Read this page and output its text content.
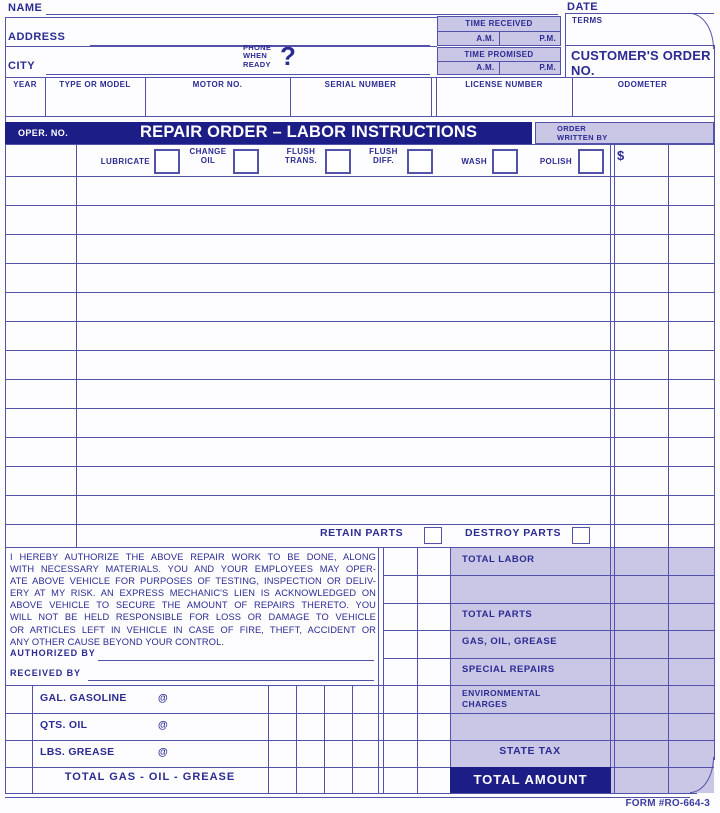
NAME	DATE
ADDRESS
CITY
PHONE
WHEN
READY ?
TIME RECEIVED
A.M.	P.M.
TIME PROMISED
A.M.	P.M.
TERMS
CUSTOMER'S ORDER
NO.
YEAR	TYPE OR MODEL	MOTOR NO.	SERIAL NUMBER	LICENSE NUMBER	ODOMETER
OPER. NO.	REPAIR ORDER – LABOR INSTRUCTIONS	ORDER
WRITTEN BY
LUBRICATE
CHANGE
OIL
FLUSH
TRANS.
FLUSH
DIFF.	WASH	POLISH	$
RETAIN PARTS	DESTROY PARTS
I HEREBY AUTHORIZE THE ABOVE REPAIR WORK TO BE DONE, ALONG
WITH NECESSARY MATERIALS. YOU AND YOUR EMPLOYEES MAY OPER-
ATE ABOVE VEHICLE FOR PURPOSES OF TESTING, INSPECTION OR DELIV-
ERY AT MY RISK. AN EXPRESS MECHANIC'S LIEN IS ACKNOWLEDGED ON
ABOVE VEHICLE TO SECURE THE AMOUNT OF REPAIRS THERETO. YOU
WILL NOT BE HELD RESPONSIBLE FOR LOSS OR DAMAGE TO VEHICLE
OR ARTICLES LEFT IN VEHICLE IN CASE OF FIRE, THEFT, ACCIDENT OR
ANY OTHER CAUSE BEYOND YOUR CONTROL.
AUTHORIZED BY
RECEIVED BY
GAL. GASOLINE	@
QTS. OIL	@
LBS. GREASE	@
TOTAL GAS - OIL - GREASE
TOTAL LABOR
TOTAL PARTS
GAS, OIL, GREASE
SPECIAL REPAIRS
ENVIRONMENTAL CHARGES
STATE TAX
TOTAL AMOUNT
FORM #RO-664-3
